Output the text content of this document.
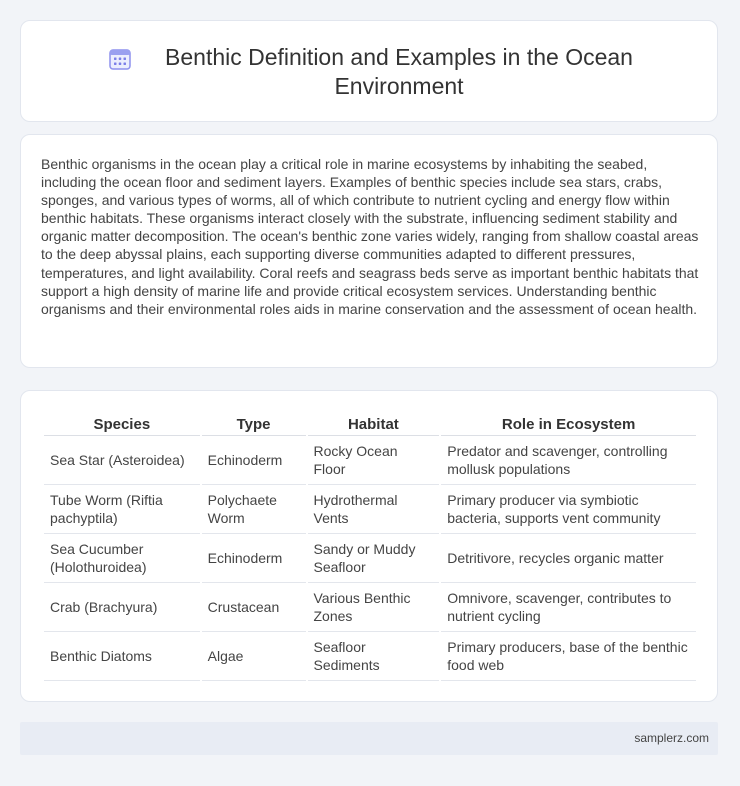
Benthic Definition and Examples in the Ocean Environment

Benthic organisms in the ocean play a critical role in marine ecosystems by inhabiting the seabed, including the ocean floor and sediment layers. Examples of benthic species include sea stars, crabs, sponges, and various types of worms, all of which contribute to nutrient cycling and energy flow within benthic habitats. These organisms interact closely with the substrate, influencing sediment stability and organic matter decomposition. The ocean's benthic zone varies widely, ranging from shallow coastal areas to the deep abyssal plains, each supporting diverse communities adapted to different pressures, temperatures, and light availability. Coral reefs and seagrass beds serve as important benthic habitats that support a high density of marine life and provide critical ecosystem services. Understanding benthic organisms and their environmental roles aids in marine conservation and the assessment of ocean health.

Species	Type	Habitat	Role in Ecosystem
Sea Star (Asteroidea)	Echinoderm	Rocky Ocean Floor	Predator and scavenger, controlling mollusk populations
Tube Worm (Riftia pachyptila)	Polychaete Worm	Hydrothermal Vents	Primary producer via symbiotic bacteria, supports vent community
Sea Cucumber (Holothuroidea)	Echinoderm	Sandy or Muddy Seafloor	Detritivore, recycles organic matter
Crab (Brachyura)	Crustacean	Various Benthic Zones	Omnivore, scavenger, contributes to nutrient cycling
Benthic Diatoms	Algae	Seafloor Sediments	Primary producers, base of the benthic food web
samplerz.com
